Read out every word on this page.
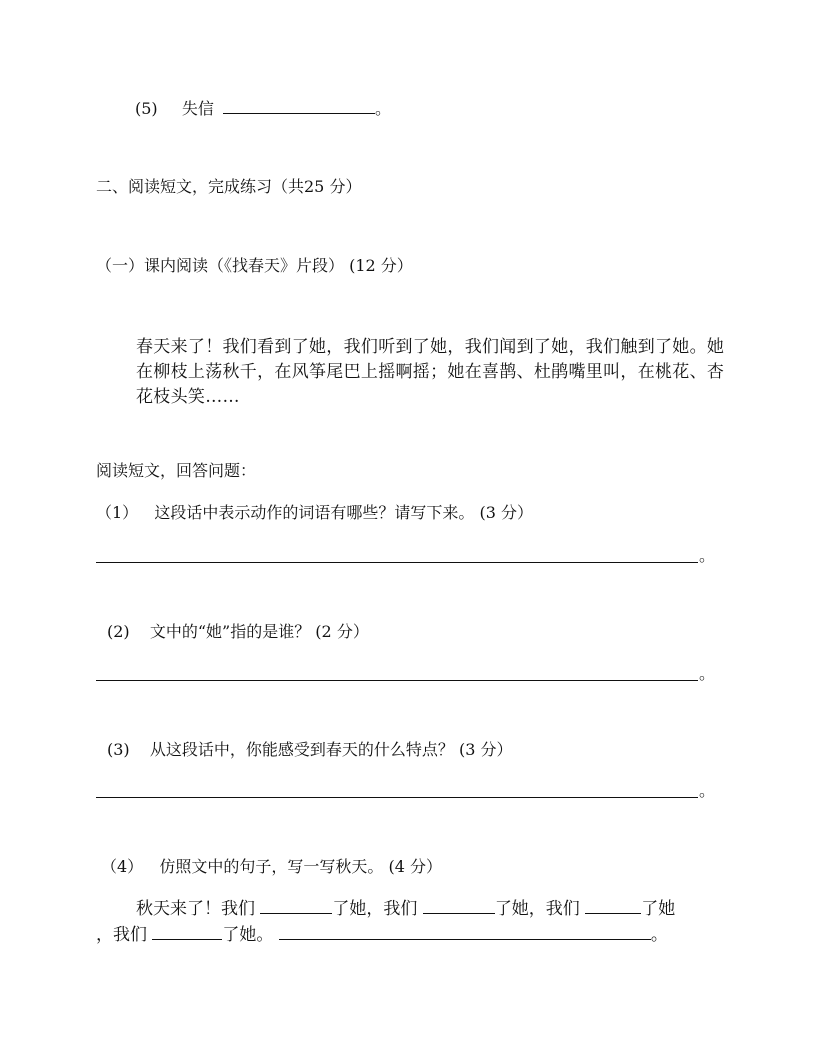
(5) 失信	。
二、阅读短文，完成练习（共25 分）
（一）课内阅读（《找春天》片段） (12 分）
春天来了！我们看到了她，我们听到了她，我们闻到了她，我们触到了她。她在柳枝上荡秋千，在风筝尾巴上摇啊摇；她在喜鹊、杜鹃嘴里叫，在桃花、杏花枝头笑……
阅读短文，回答问题：
（1） 这段话中表示动作的词语有哪些？请写下来。 (3 分）
。
(2) 文中的“她”指的是谁？ (2 分）
。
(3) 从这段话中，你能感受到春天的什么特点？ (3 分）
。
（4） 仿照文中的句子，写一写秋天。 (4 分）
秋天来了！我们	了她，我们	了她，我们	了她
，我们	了她。	。
